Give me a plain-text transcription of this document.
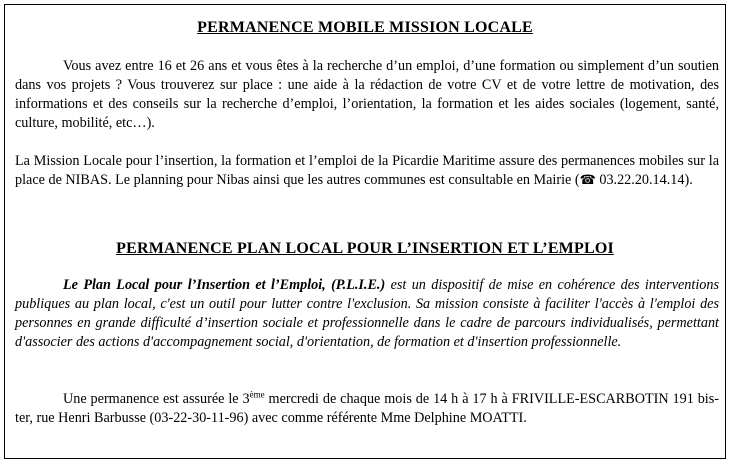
PERMANENCE MOBILE MISSION LOCALE

Vous avez entre 16 et 26 ans et vous êtes à la recherche d’un emploi, d’une formation ou simplement d’un soutien dans vos projets ? Vous trouverez sur place : une aide à la rédaction de votre CV et de votre lettre de motivation, des informations et des conseils sur la recherche d’emploi, l’orientation, la formation et les aides sociales (logement, santé, culture, mobilité, etc…).

La Mission Locale pour l’insertion, la formation et l’emploi de la Picardie Maritime assure des permanences mobiles sur la place de NIBAS. Le planning pour Nibas ainsi que les autres communes est consultable en Mairie (☎ 03.22.20.14.14).

PERMANENCE PLAN LOCAL POUR L’INSERTION ET L’EMPLOI

Le Plan Local pour l’Insertion et l’Emploi, (P.L.I.E.) est un dispositif de mise en cohérence des interventions publiques au plan local, c'est un outil pour lutter contre l'exclusion. Sa mission consiste à faciliter l'accès à l'emploi des personnes en grande difficulté d’insertion sociale et professionnelle dans le cadre de parcours individualisés, permettant d'associer des actions d'accompagnement social, d'orientation, de formation et d'insertion professionnelle.

Une permanence est assurée le 3ème mercredi de chaque mois de 14 h à 17 h à FRIVILLE-ESCARBOTIN 191 bis-ter, rue Henri Barbusse (03-22-30-11-96) avec comme référente Mme Delphine MOATTI.
